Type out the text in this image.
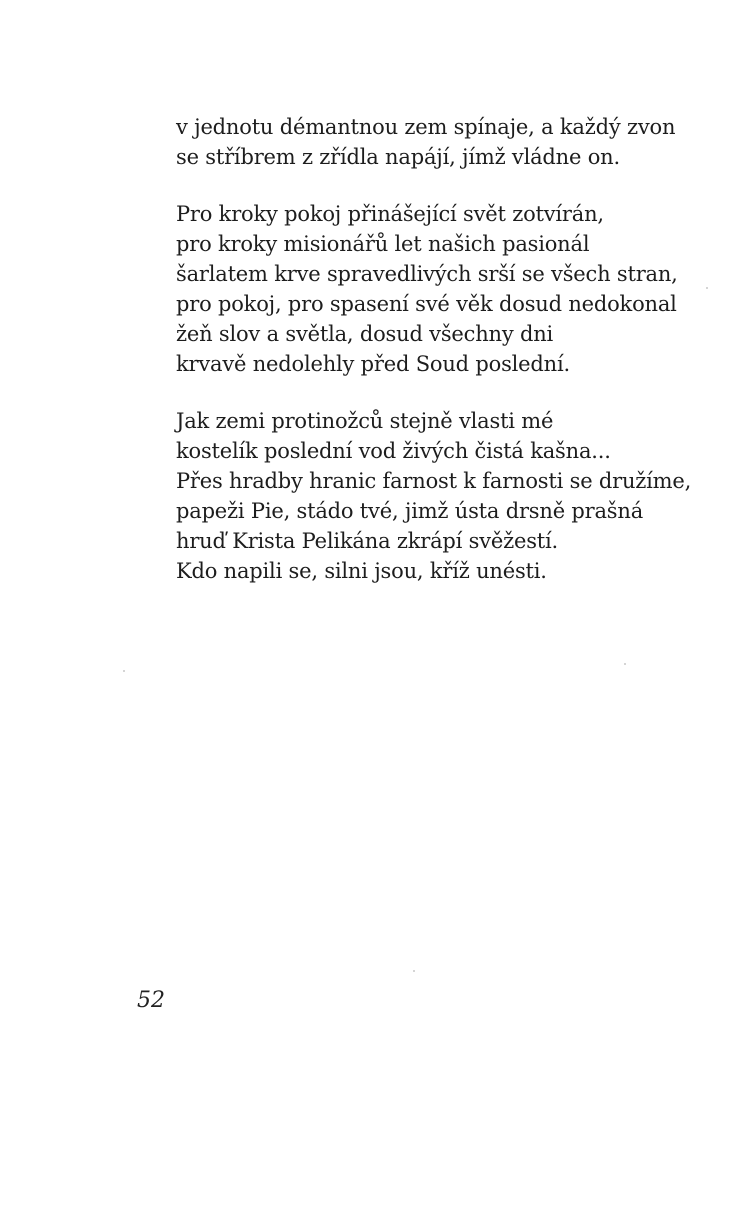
v jednotu démantnou zem spínaje, a každý zvon
se stříbrem z zřídla napájí, jímž vládne on.
Pro kroky pokoj přinášející svět zotvírán,
pro kroky misionářů let našich pasionál
šarlatem krve spravedlivých srší se všech stran,
pro pokoj, pro spasení své věk dosud nedokonal
žeň slov a světla, dosud všechny dni
krvavě nedolehly před Soud poslední.
Jak zemi protinožců stejně vlasti mé
kostelík poslední vod živých čistá kašna...
Přes hradby hranic farnost k farnosti se družíme,
papeži Pie, stádo tvé, jimž ústa drsně prašná
hruď Krista Pelikána zkrápí svěžestí.
Kdo napili se, silni jsou, kříž unésti.
52
